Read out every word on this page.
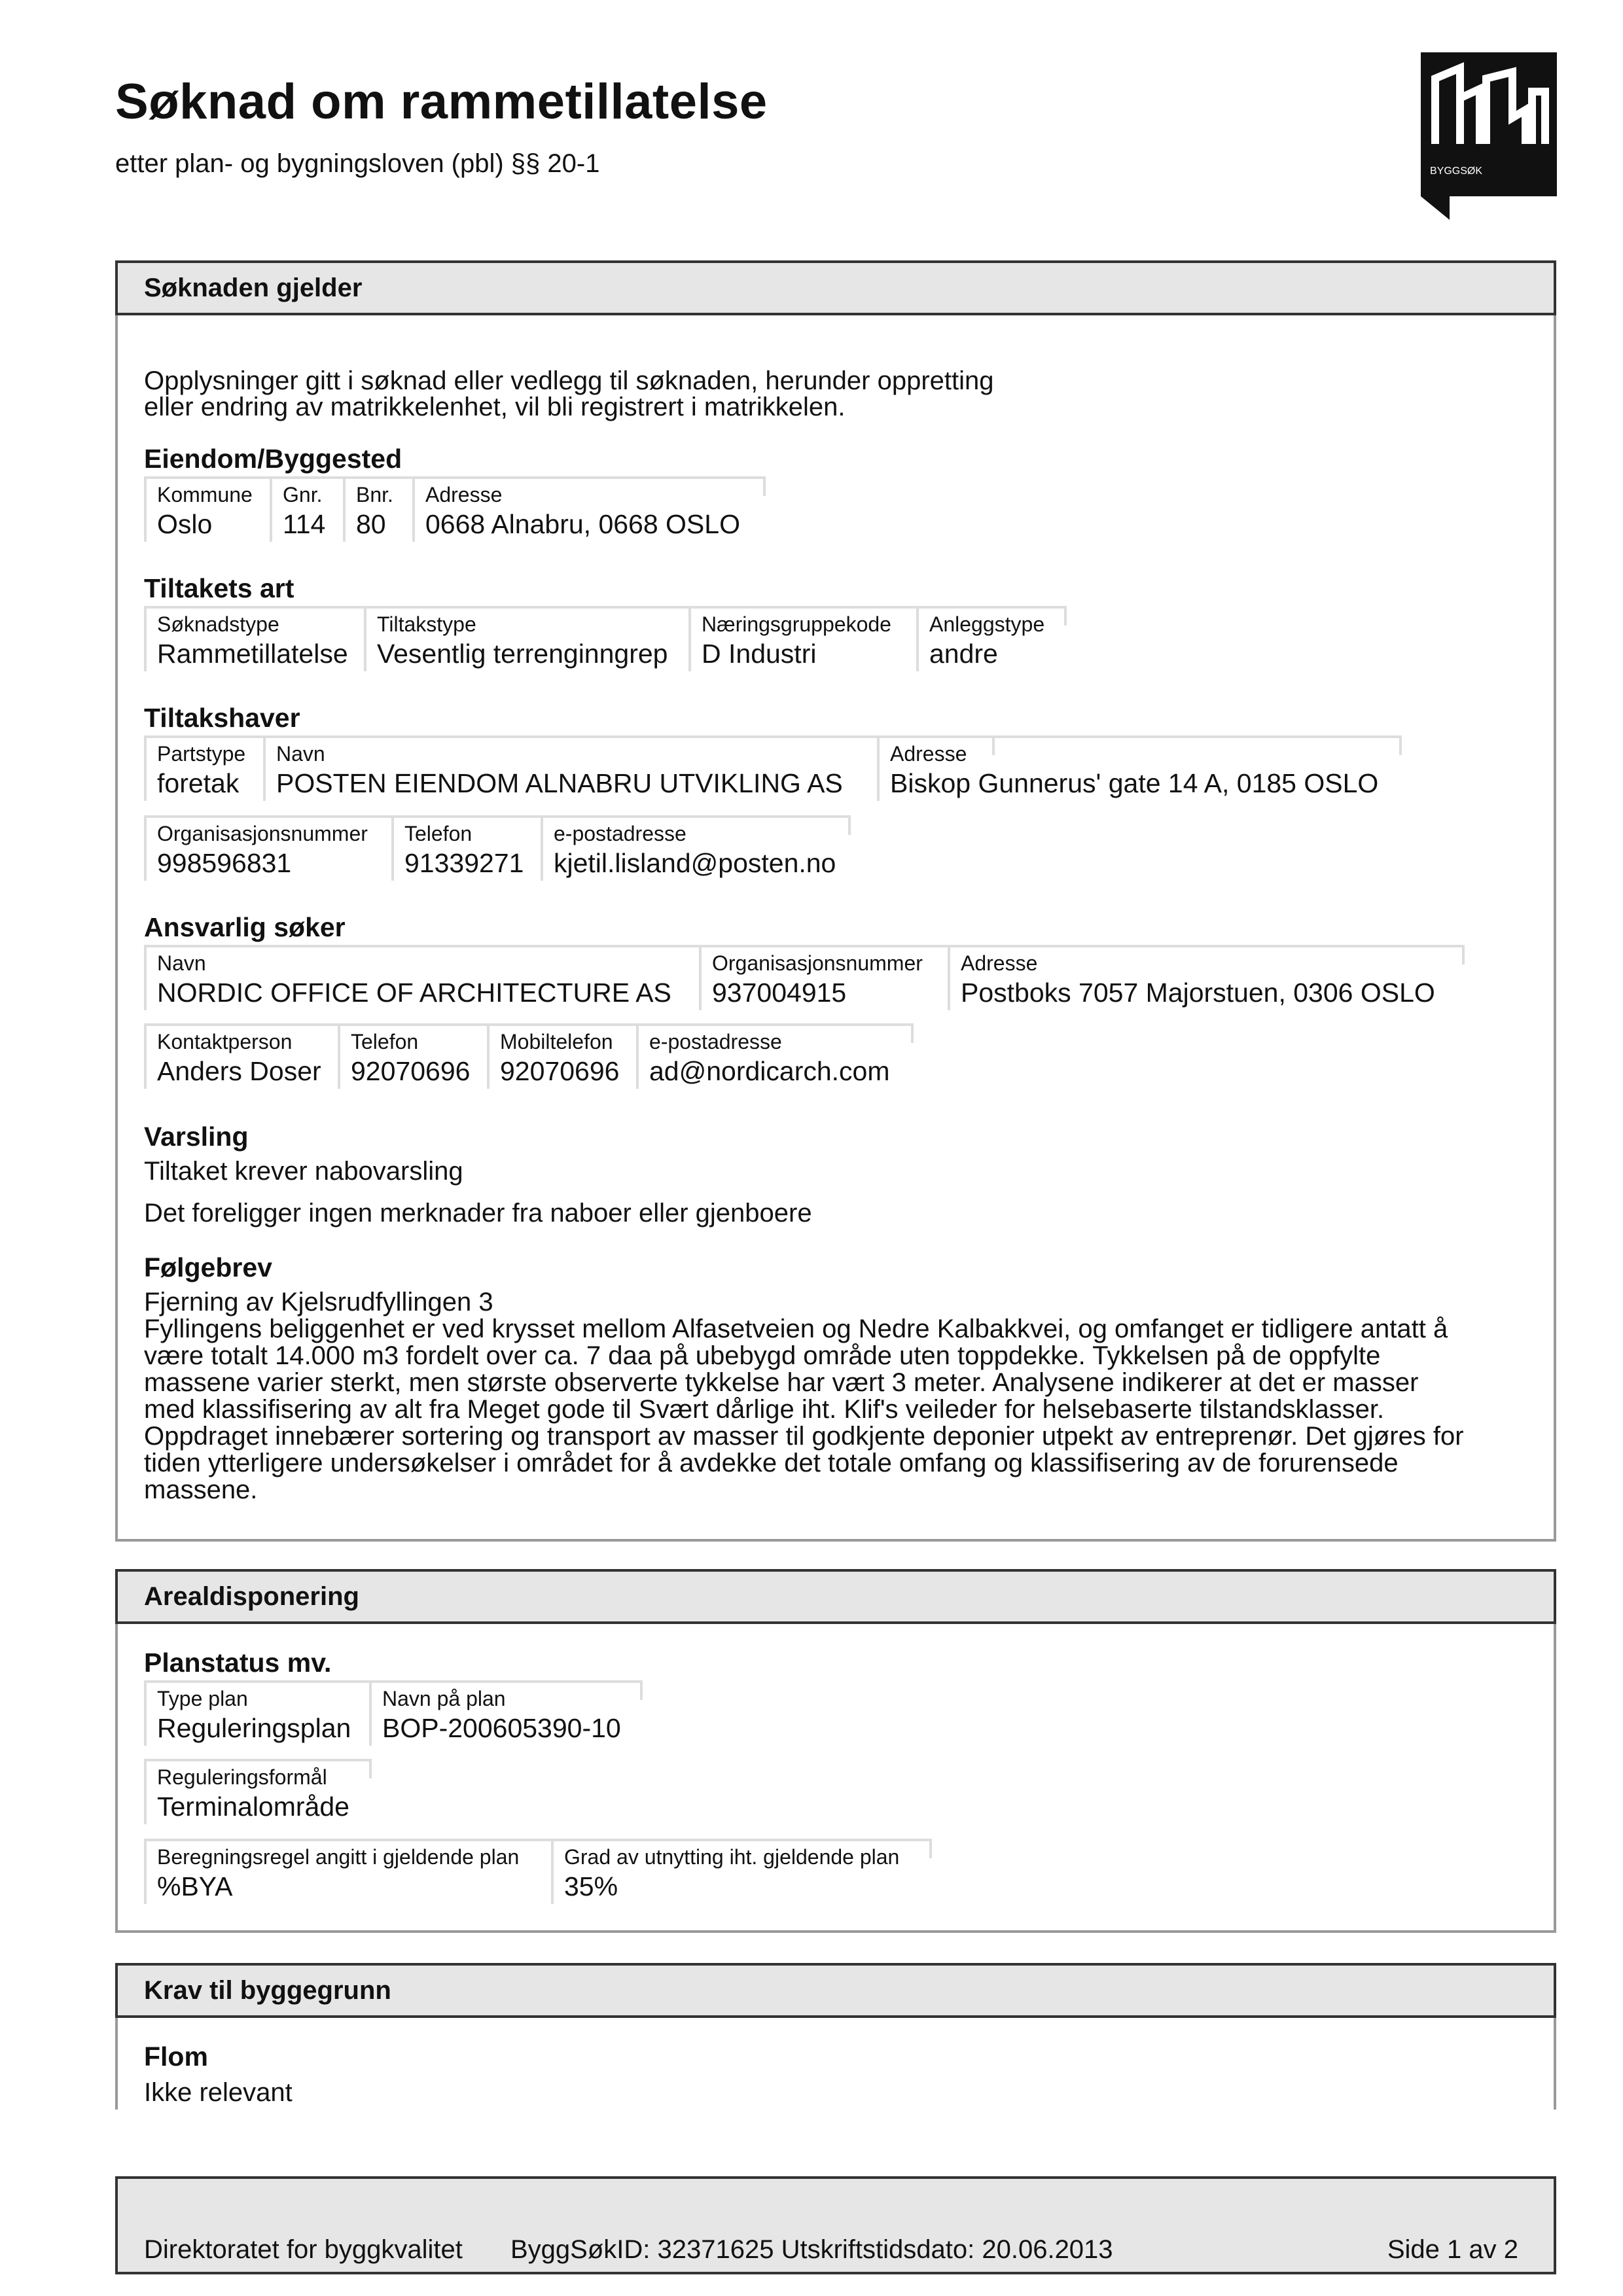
Søknad om rammetillatelse
etter plan- og bygningsloven (pbl) §§ 20-1	BYGGSØK
Søknaden gjelder
Opplysninger gitt i søknad eller vedlegg til søknaden, herunder oppretting
eller endring av matrikkelenhet, vil bli registrert i matrikkelen.
Eiendom/Byggested
Kommune
Oslo
Gnr.
114
Bnr.
80
Adresse
0668 Alnabru, 0668 OSLO
Tiltakets art
Søknadstype
Rammetillatelse
Tiltakstype
Vesentlig terrenginngrep
Næringsgruppekode
D Industri
Anleggstype
andre
Tiltakshaver
Partstype
foretak
Navn
POSTEN EIENDOM ALNABRU UTVIKLING AS
Adresse
Biskop Gunnerus' gate 14 A, 0185 OSLO
Organisasjonsnummer
998596831
Telefon
91339271
e-postadresse
kjetil.lisland@posten.no
Ansvarlig søker
Navn
NORDIC OFFICE OF ARCHITECTURE AS
Organisasjonsnummer
937004915
Adresse
Postboks 7057 Majorstuen, 0306 OSLO
Kontaktperson
Anders Doser
Telefon
92070696
Mobiltelefon
92070696
e-postadresse
ad@nordicarch.com
Varsling
Tiltaket krever nabovarsling
Det foreligger ingen merknader fra naboer eller gjenboere
Følgebrev
Fjerning av Kjelsrudfyllingen 3
Fyllingens beliggenhet er ved krysset mellom Alfasetveien og Nedre Kalbakkvei, og omfanget er tidligere antatt å
være totalt 14.000 m3 fordelt over ca. 7 daa på ubebygd område uten toppdekke. Tykkelsen på de oppfylte
massene varier sterkt, men største observerte tykkelse har vært 3 meter. Analysene indikerer at det er masser
med klassifisering av alt fra Meget gode til Svært dårlige iht. Klif's veileder for helsebaserte tilstandsklasser.
Oppdraget innebærer sortering og transport av masser til godkjente deponier utpekt av entreprenør. Det gjøres for
tiden ytterligere undersøkelser i området for å avdekke det totale omfang og klassifisering av de forurensede
massene.
Arealdisponering
Planstatus mv.
Type plan
Reguleringsplan
Navn på plan
BOP-200605390-10
Reguleringsformål
Terminalområde
Beregningsregel angitt i gjeldende plan
%BYA
Grad av utnytting iht. gjeldende plan
35%
Krav til byggegrunn
Flom
Ikke relevant
Direktoratet for byggkvalitet ByggSøkID: 32371625 Utskriftstidsdato: 20.06.2013	Side 1 av 2
